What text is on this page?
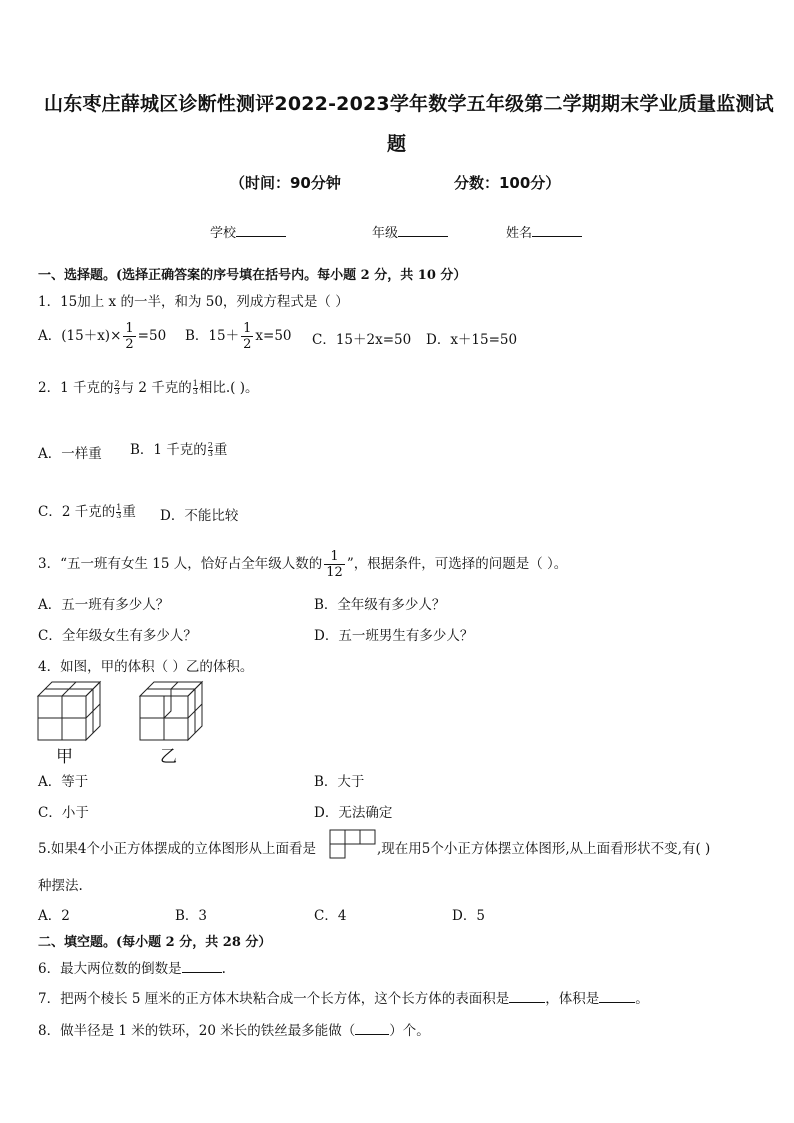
山东枣庄薛城区诊断性测评2022-2023学年数学五年级第二学期期末学业质量监测试
题
（时间：90分钟	分数：100分）
学校	年级	姓名
一、选择题。(选择正确答案的序号填在括号内。每小题 2 分，共 10 分）
1．15加上 x 的一半，和为 50，列成方程式是（ ）
A．$(15+x)\times \frac{1}{2} =50$ B．$15+ \frac{1}{2} x=50$ C．15＋2x=50 D．x＋15=50
2．1 千克的 $\frac{2}{3}$ 与 2 千克的 $\frac{1}{3}$ 相比.( )。
A．一样重 B．1 千克的 $\frac{2}{3}$ 重
C．2 千克的 $\frac{1}{3}$ 重 D．不能比较
3．“五一班有女生 15 人，恰好占全年级人数的 $\frac{1}{12}$ ”，根据条件，可选择的问题是（ ）。
A．五一班有多少人？	B．全年级有多少人？
C．全年级女生有多少人？	D．五一班男生有多少人？
4．如图，甲的体积（ ）乙的体积。
甲	乙
A．等于	B．大于
C．小于	D．无法确定
5.如果4个小正方体摆成的立体图形从上面看是	,现在用5个小正方体摆立体图形,从上面看形状不变,有( )
种摆法.
A．2	B．3	C．4	D．5
二、填空题。(每小题 2 分，共 28 分）
6．最大两位数的倒数是	.
7．把两个棱长 5 厘米的正方体木块粘合成一个长方体，这个长方体的表面积是	，体积是	。
8．做半径是 1 米的铁环，20 米长的铁丝最多能做（	）个。
